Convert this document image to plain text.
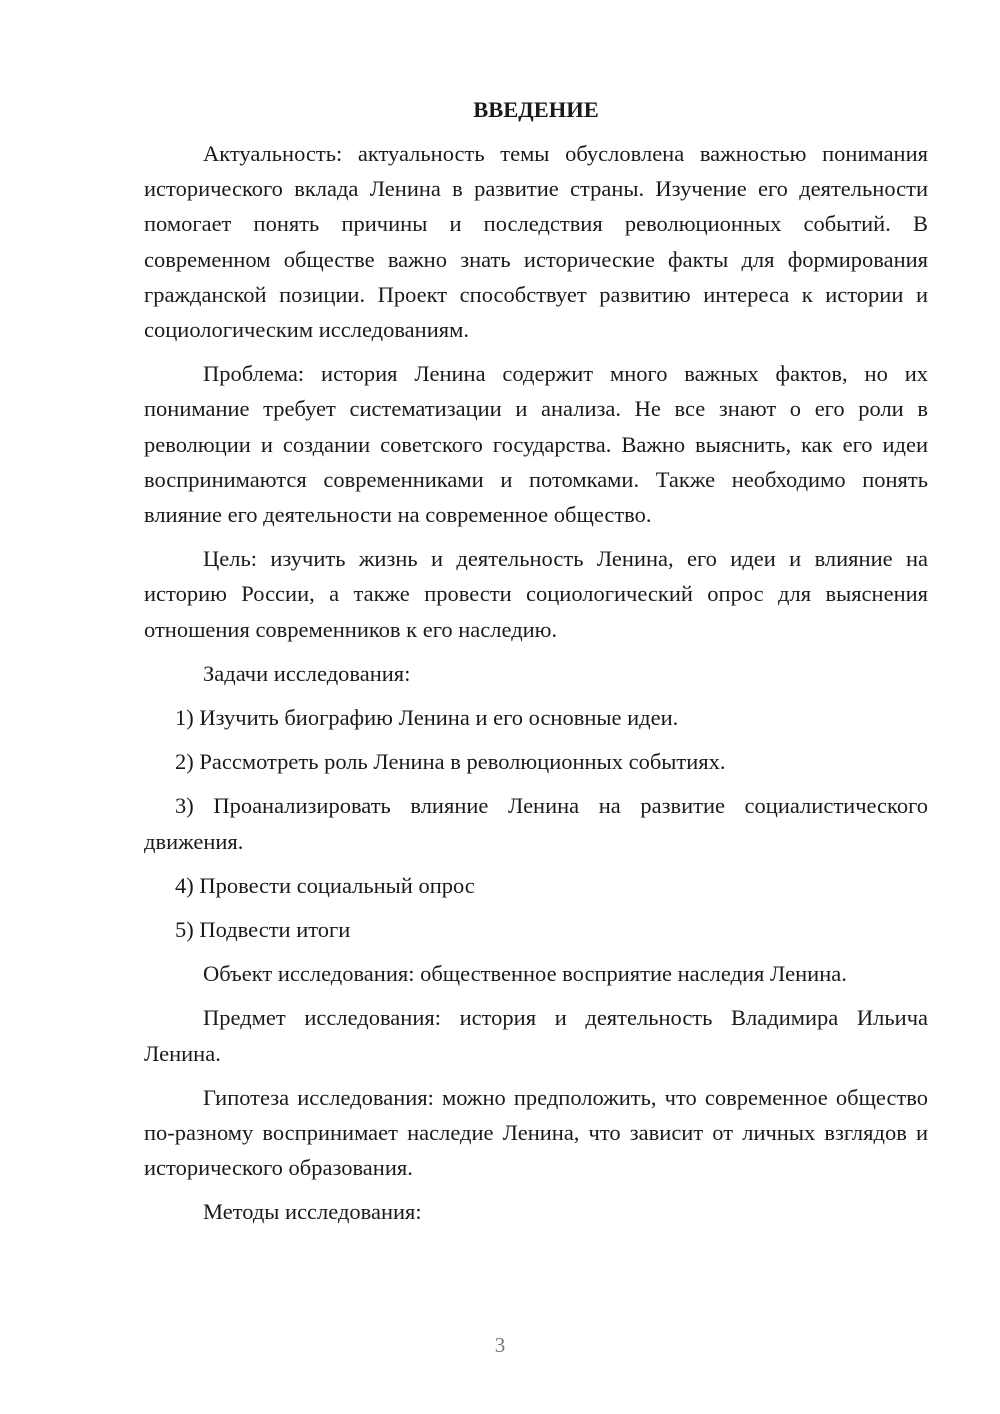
ВВЕДЕНИЕ

Актуальность: актуальность темы обусловлена важностью понимания исторического вклада Ленина в развитие страны. Изучение его деятельности помогает понять причины и последствия революционных событий. В современном обществе важно знать исторические факты для формирования гражданской позиции. Проект способствует развитию интереса к истории и социологическим исследованиям.

Проблема: история Ленина содержит много важных фактов, но их понимание требует систематизации и анализа. Не все знают о его роли в революции и создании советского государства. Важно выяснить, как его идеи воспринимаются современниками и потомками. Также необходимо понять влияние его деятельности на современное общество.

Цель: изучить жизнь и деятельность Ленина, его идеи и влияние на историю России, а также провести социологический опрос для выяснения отношения современников к его наследию.

Задачи исследования:

1) Изучить биографию Ленина и его основные идеи.

2) Рассмотреть роль Ленина в революционных событиях.

3) Проанализировать влияние Ленина на развитие социалистического движения.

4) Провести социальный опрос

5) Подвести итоги

Объект исследования: общественное восприятие наследия Ленина.

Предмет исследования: история и деятельность Владимира Ильича Ленина.

Гипотеза исследования: можно предположить, что современное общество по-разному воспринимает наследие Ленина, что зависит от личных взглядов и исторического образования.

Методы исследования:

3
